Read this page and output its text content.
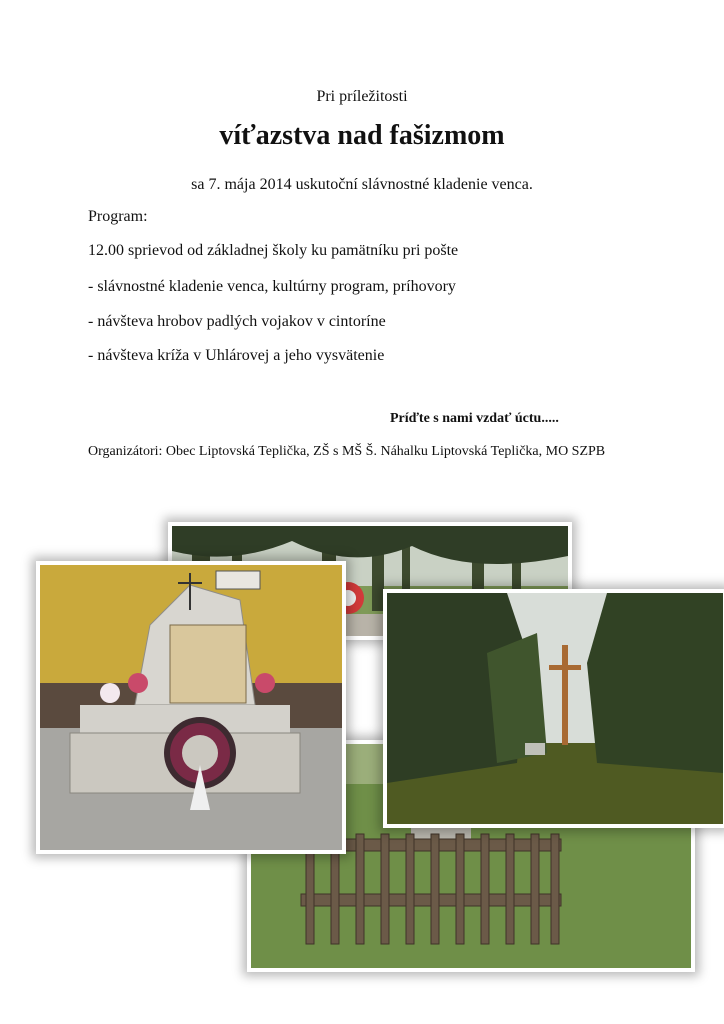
Pri príležitosti
víťazstva nad fašizmom
sa 7. mája 2014 uskutoční slávnostné kladenie venca.
Program:
12.00 sprievod od základnej školy ku pamätníku pri pošte
- slávnostné kladenie venca, kultúrny program, príhovory
- návšteva hrobov padlých vojakov v cintoríne
- návšteva kríža v Uhlárovej a jeho vysvätenie
Príďte s nami vzdať úctu.....
Organizátori: Obec Liptovská Teplička, ZŠ s MŠ Š. Náhalku Liptovská Teplička, MO SZPB
